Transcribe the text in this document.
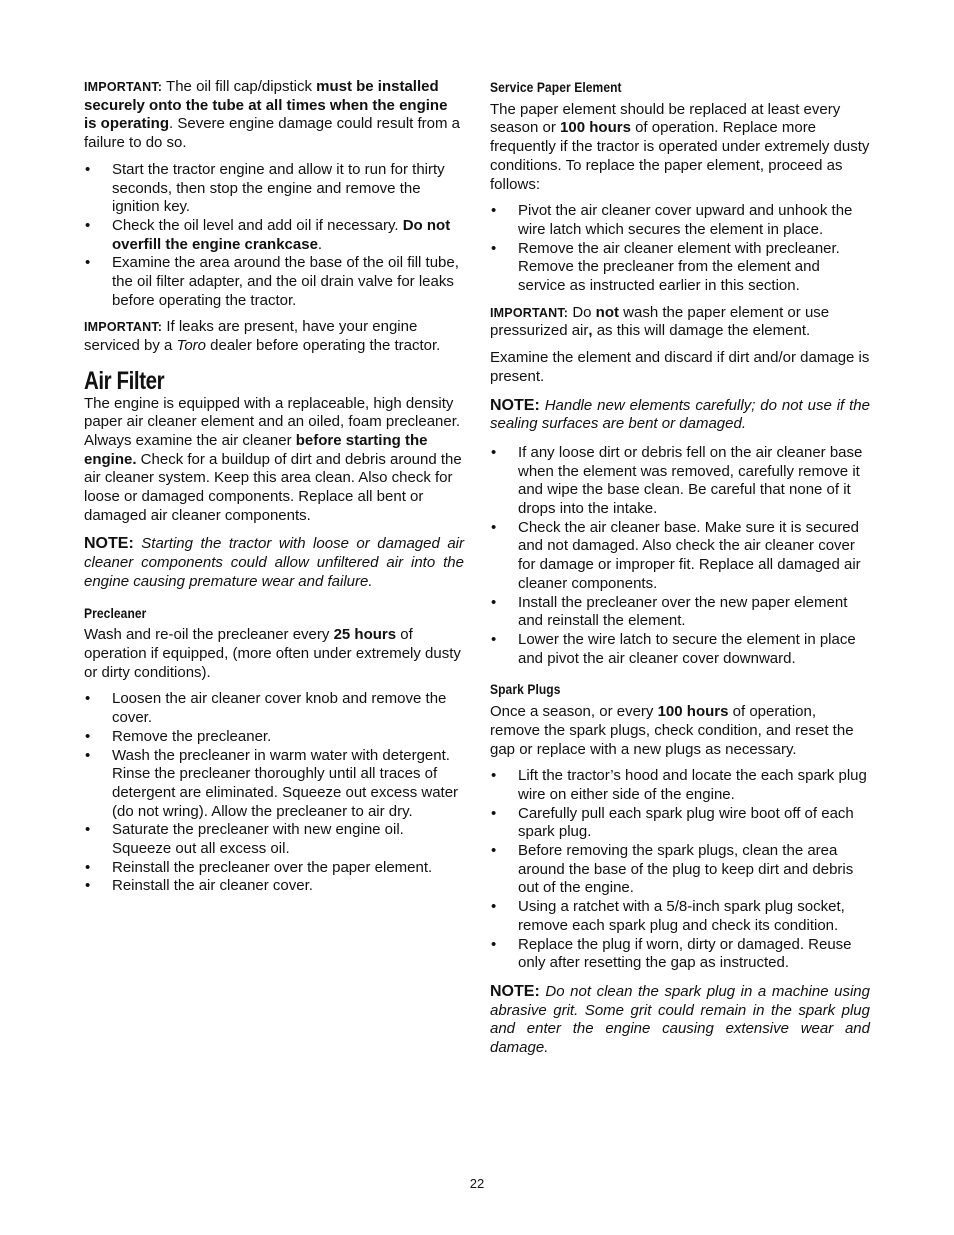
IMPORTANT: The oil fill cap/dipstick must be installed securely onto the tube at all times when the engine is operating. Severe engine damage could result from a failure to do so.

• Start the tractor engine and allow it to run for thirty seconds, then stop the engine and remove the ignition key.
• Check the oil level and add oil if necessary. Do not overfill the engine crankcase.
• Examine the area around the base of the oil fill tube, the oil filter adapter, and the oil drain valve for leaks before operating the tractor.

IMPORTANT: If leaks are present, have your engine serviced by a Toro dealer before operating the tractor.

Air Filter

The engine is equipped with a replaceable, high density paper air cleaner element and an oiled, foam precleaner. Always examine the air cleaner before starting the engine. Check for a buildup of dirt and debris around the air cleaner system. Keep this area clean. Also check for loose or damaged components. Replace all bent or damaged air cleaner components.

NOTE: Starting the tractor with loose or damaged air cleaner components could allow unfiltered air into the engine causing premature wear and failure.

Precleaner

Wash and re-oil the precleaner every 25 hours of operation if equipped, (more often under extremely dusty or dirty conditions).

• Loosen the air cleaner cover knob and remove the cover.
• Remove the precleaner.
• Wash the precleaner in warm water with detergent. Rinse the precleaner thoroughly until all traces of detergent are eliminated. Squeeze out excess water (do not wring). Allow the precleaner to air dry.
• Saturate the precleaner with new engine oil. Squeeze out all excess oil.
• Reinstall the precleaner over the paper element.
• Reinstall the air cleaner cover.
Service Paper Element

The paper element should be replaced at least every season or 100 hours of operation. Replace more frequently if the tractor is operated under extremely dusty conditions. To replace the paper element, proceed as follows:

• Pivot the air cleaner cover upward and unhook the wire latch which secures the element in place.
• Remove the air cleaner element with precleaner. Remove the precleaner from the element and service as instructed earlier in this section.

IMPORTANT: Do not wash the paper element or use pressurized air, as this will damage the element.

Examine the element and discard if dirt and/or damage is present.

NOTE: Handle new elements carefully; do not use if the sealing surfaces are bent or damaged.

• If any loose dirt or debris fell on the air cleaner base when the element was removed, carefully remove it and wipe the base clean. Be careful that none of it drops into the intake.
• Check the air cleaner base. Make sure it is secured and not damaged. Also check the air cleaner cover for damage or improper fit. Replace all damaged air cleaner components.
• Install the precleaner over the new paper element and reinstall the element.
• Lower the wire latch to secure the element in place and pivot the air cleaner cover downward.
Spark Plugs

Once a season, or every 100 hours of operation, remove the spark plugs, check condition, and reset the gap or replace with a new plugs as necessary.

• Lift the tractor’s hood and locate the each spark plug wire on either side of the engine.
• Carefully pull each spark plug wire boot off of each spark plug.
• Before removing the spark plugs, clean the area around the base of the plug to keep dirt and debris out of the engine.
• Using a ratchet with a 5/8-inch spark plug socket, remove each spark plug and check its condition.
• Replace the plug if worn, dirty or damaged. Reuse only after resetting the gap as instructed.

NOTE: Do not clean the spark plug in a machine using abrasive grit. Some grit could remain in the spark plug and enter the engine causing extensive wear and damage.

22
